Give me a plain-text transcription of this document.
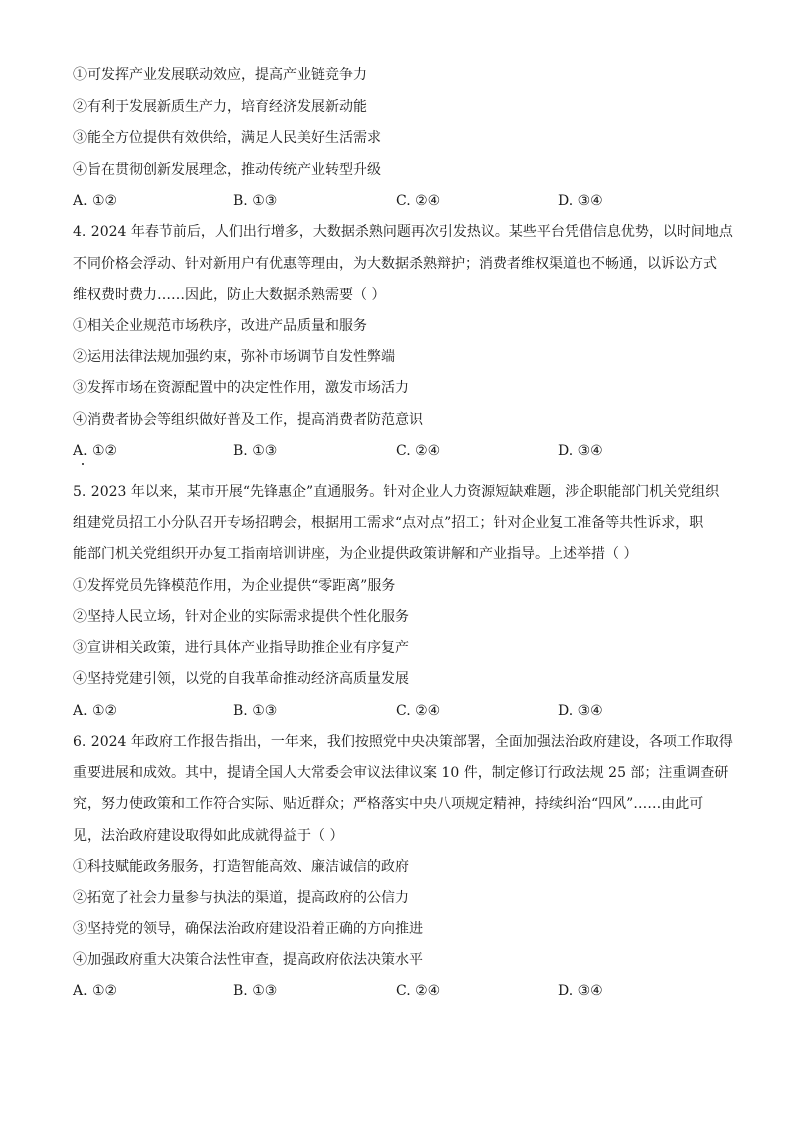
①可发挥产业发展联动效应，提高产业链竞争力
②有利于发展新质生产力，培育经济发展新动能
③能全方位提供有效供给，满足人民美好生活需求
④旨在贯彻创新发展理念，推动传统产业转型升级
A. ①②	B. ①③	C. ②④	D. ③④
4. 2024 年春节前后，人们出行增多，大数据杀熟问题再次引发热议。某些平台凭借信息优势，以时间地点
不同价格会浮动、针对新用户有优惠等理由，为大数据杀熟辩护；消费者维权渠道也不畅通，以诉讼方式
维权费时费力……因此，防止大数据杀熟需要（ ）
①相关企业规范市场秩序，改进产品质量和服务
②运用法律法规加强约束，弥补市场调节自发性弊端
③发挥市场在资源配置中的决定性作用，激发市场活力
④消费者协会等组织做好普及工作，提高消费者防范意识
A. ①②	B. ①③	C. ②④	D. ③④
5. 2023 年以来，某市开展“先锋惠企”直通服务。针对企业人力资源短缺难题，涉企职能部门机关党组织
组建党员招工小分队召开专场招聘会，根据用工需求“点对点”招工；针对企业复工准备等共性诉求，职
能部门机关党组织开办复工指南培训讲座，为企业提供政策讲解和产业指导。上述举措（ ）
①发挥党员先锋模范作用，为企业提供“零距离”服务
②坚持人民立场，针对企业的实际需求提供个性化服务
③宣讲相关政策，进行具体产业指导助推企业有序复产
④坚持党建引领，以党的自我革命推动经济高质量发展
A. ①②	B. ①③	C. ②④	D. ③④
6. 2024 年政府工作报告指出，一年来，我们按照党中央决策部署，全面加强法治政府建设，各项工作取得
重要进展和成效。其中，提请全国人大常委会审议法律议案 10 件，制定修订行政法规 25 部；注重调查研
究，努力使政策和工作符合实际、贴近群众；严格落实中央八项规定精神，持续纠治“四风”……由此可
见，法治政府建设取得如此成就得益于（ ）
①科技赋能政务服务，打造智能高效、廉洁诚信的政府
②拓宽了社会力量参与执法的渠道，提高政府的公信力
③坚持党的领导，确保法治政府建设沿着正确的方向推进
④加强政府重大决策合法性审查，提高政府依法决策水平
A. ①②	B. ①③	C. ②④	D. ③④
